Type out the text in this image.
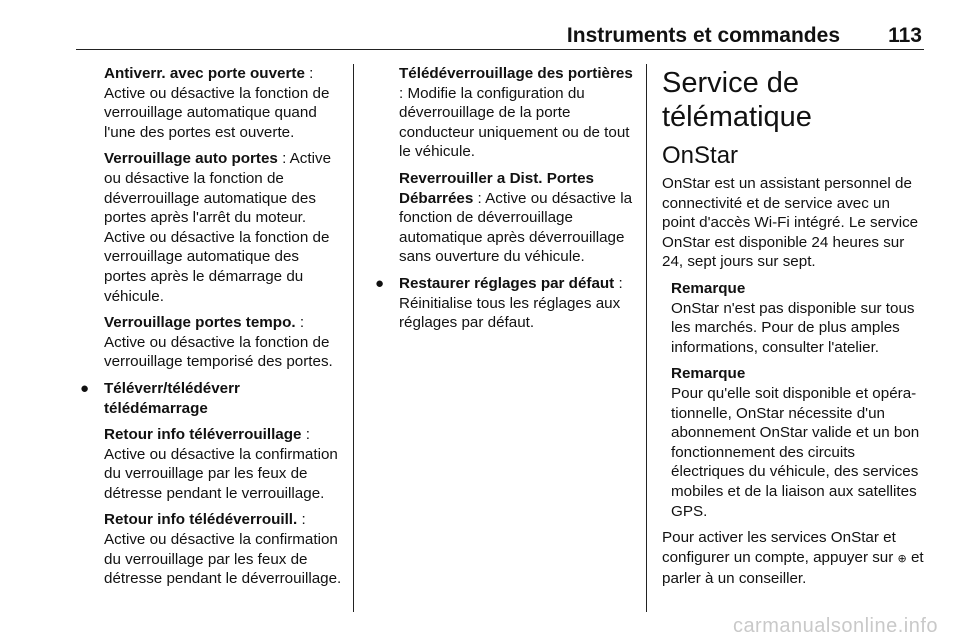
Instruments et commandes 113

Antiverr. avec porte ouverte : Active ou désactive la fonction de verrouillage automatique quand l'une des portes est ouverte.

Verrouillage auto portes : Active ou désactive la fonction de déverrouillage automatique des portes après l'arrêt du moteur. Active ou désactive la fonction de verrouillage automatique des portes après le démarrage du véhicule.

Verrouillage portes tempo. : Active ou désactive la fonction de verrouillage temporisé des portes.

● Téléverr/télédéverr télédémarrage

Retour info téléverrouillage : Active ou désactive la confirmation du verrouillage par les feux de détresse pendant le verrouillage.

Retour info télédéverrouill. : Active ou désactive la confirmation du verrouillage par les feux de détresse pendant le déverrouillage.

Télédéverrouillage des portières : Modifie la configuration du déverrouillage de la porte conducteur uniquement ou de tout le véhicule.

Reverrouiller a Dist. Portes Débarrées : Active ou désactive la fonction de déverrouillage automatique après déverrouillage sans ouverture du véhicule.

● Restaurer réglages par défaut : Réinitialise tous les réglages aux réglages par défaut.

Service de télématique
OnStar

OnStar est un assistant personnel de connectivité et de service avec un point d'accès Wi-Fi intégré. Le service OnStar est disponible 24 heures sur 24, sept jours sur sept.

Remarque

OnStar n'est pas disponible sur tous les marchés. Pour de plus amples informations, consulter l'atelier.

Remarque

Pour qu'elle soit disponible et opérationnelle, OnStar nécessite d'un abonnement OnStar valide et un bon fonctionnement des circuits électriques du véhicule, des services mobiles et de la liaison aux satellites GPS.

Pour activer les services OnStar et configurer un compte, appuyer sur ⊕ et parler à un conseiller.

carmanualsonline.info
